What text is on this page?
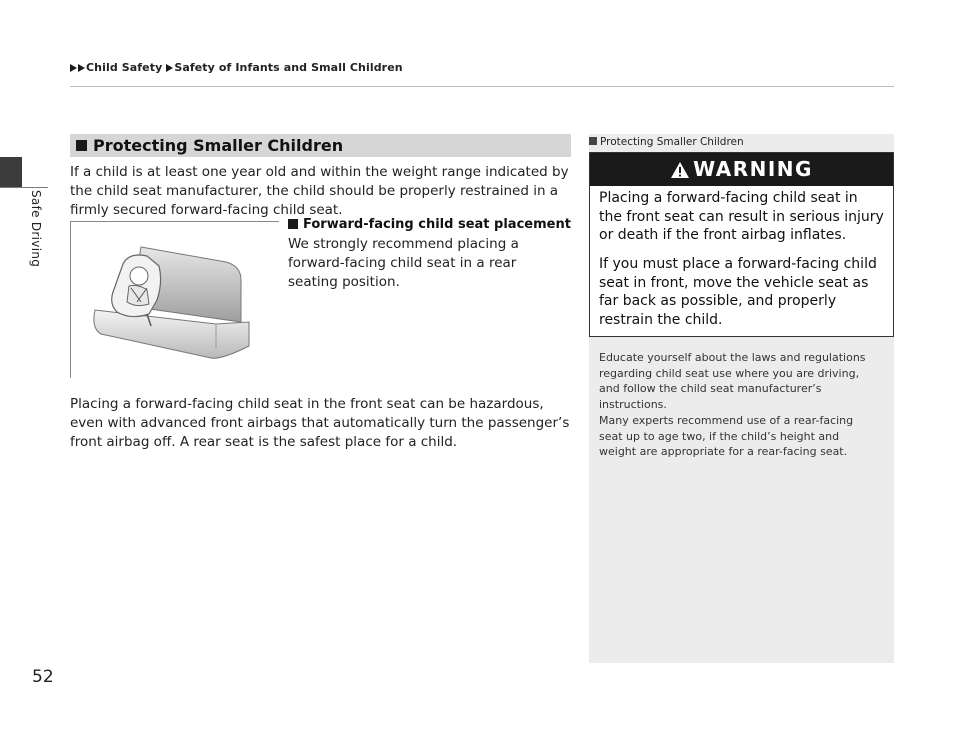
Child Safety Safety of Infants and Small Children
Safe Driving
Protecting Smaller Children
If a child is at least one year old and within the weight range indicated by the child seat manufacturer, the child should be properly restrained in a firmly secured forward-facing child seat.
Forward-facing child seat placement
We strongly recommend placing a forward-facing child seat in a rear seating position.
Placing a forward-facing child seat in the front seat can be hazardous, even with advanced front airbags that automatically turn the passenger’s front airbag off. A rear seat is the safest place for a child.
Protecting Smaller Children
WARNING
Placing a forward-facing child seat in the front seat can result in serious injury or death if the front airbag inflates.
If you must place a forward-facing child seat in front, move the vehicle seat as far back as possible, and properly restrain the child.
Educate yourself about the laws and regulations regarding child seat use where you are driving, and follow the child seat manufacturer’s instructions.
Many experts recommend use of a rear-facing seat up to age two, if the child’s height and weight are appropriate for a rear-facing seat.
52
